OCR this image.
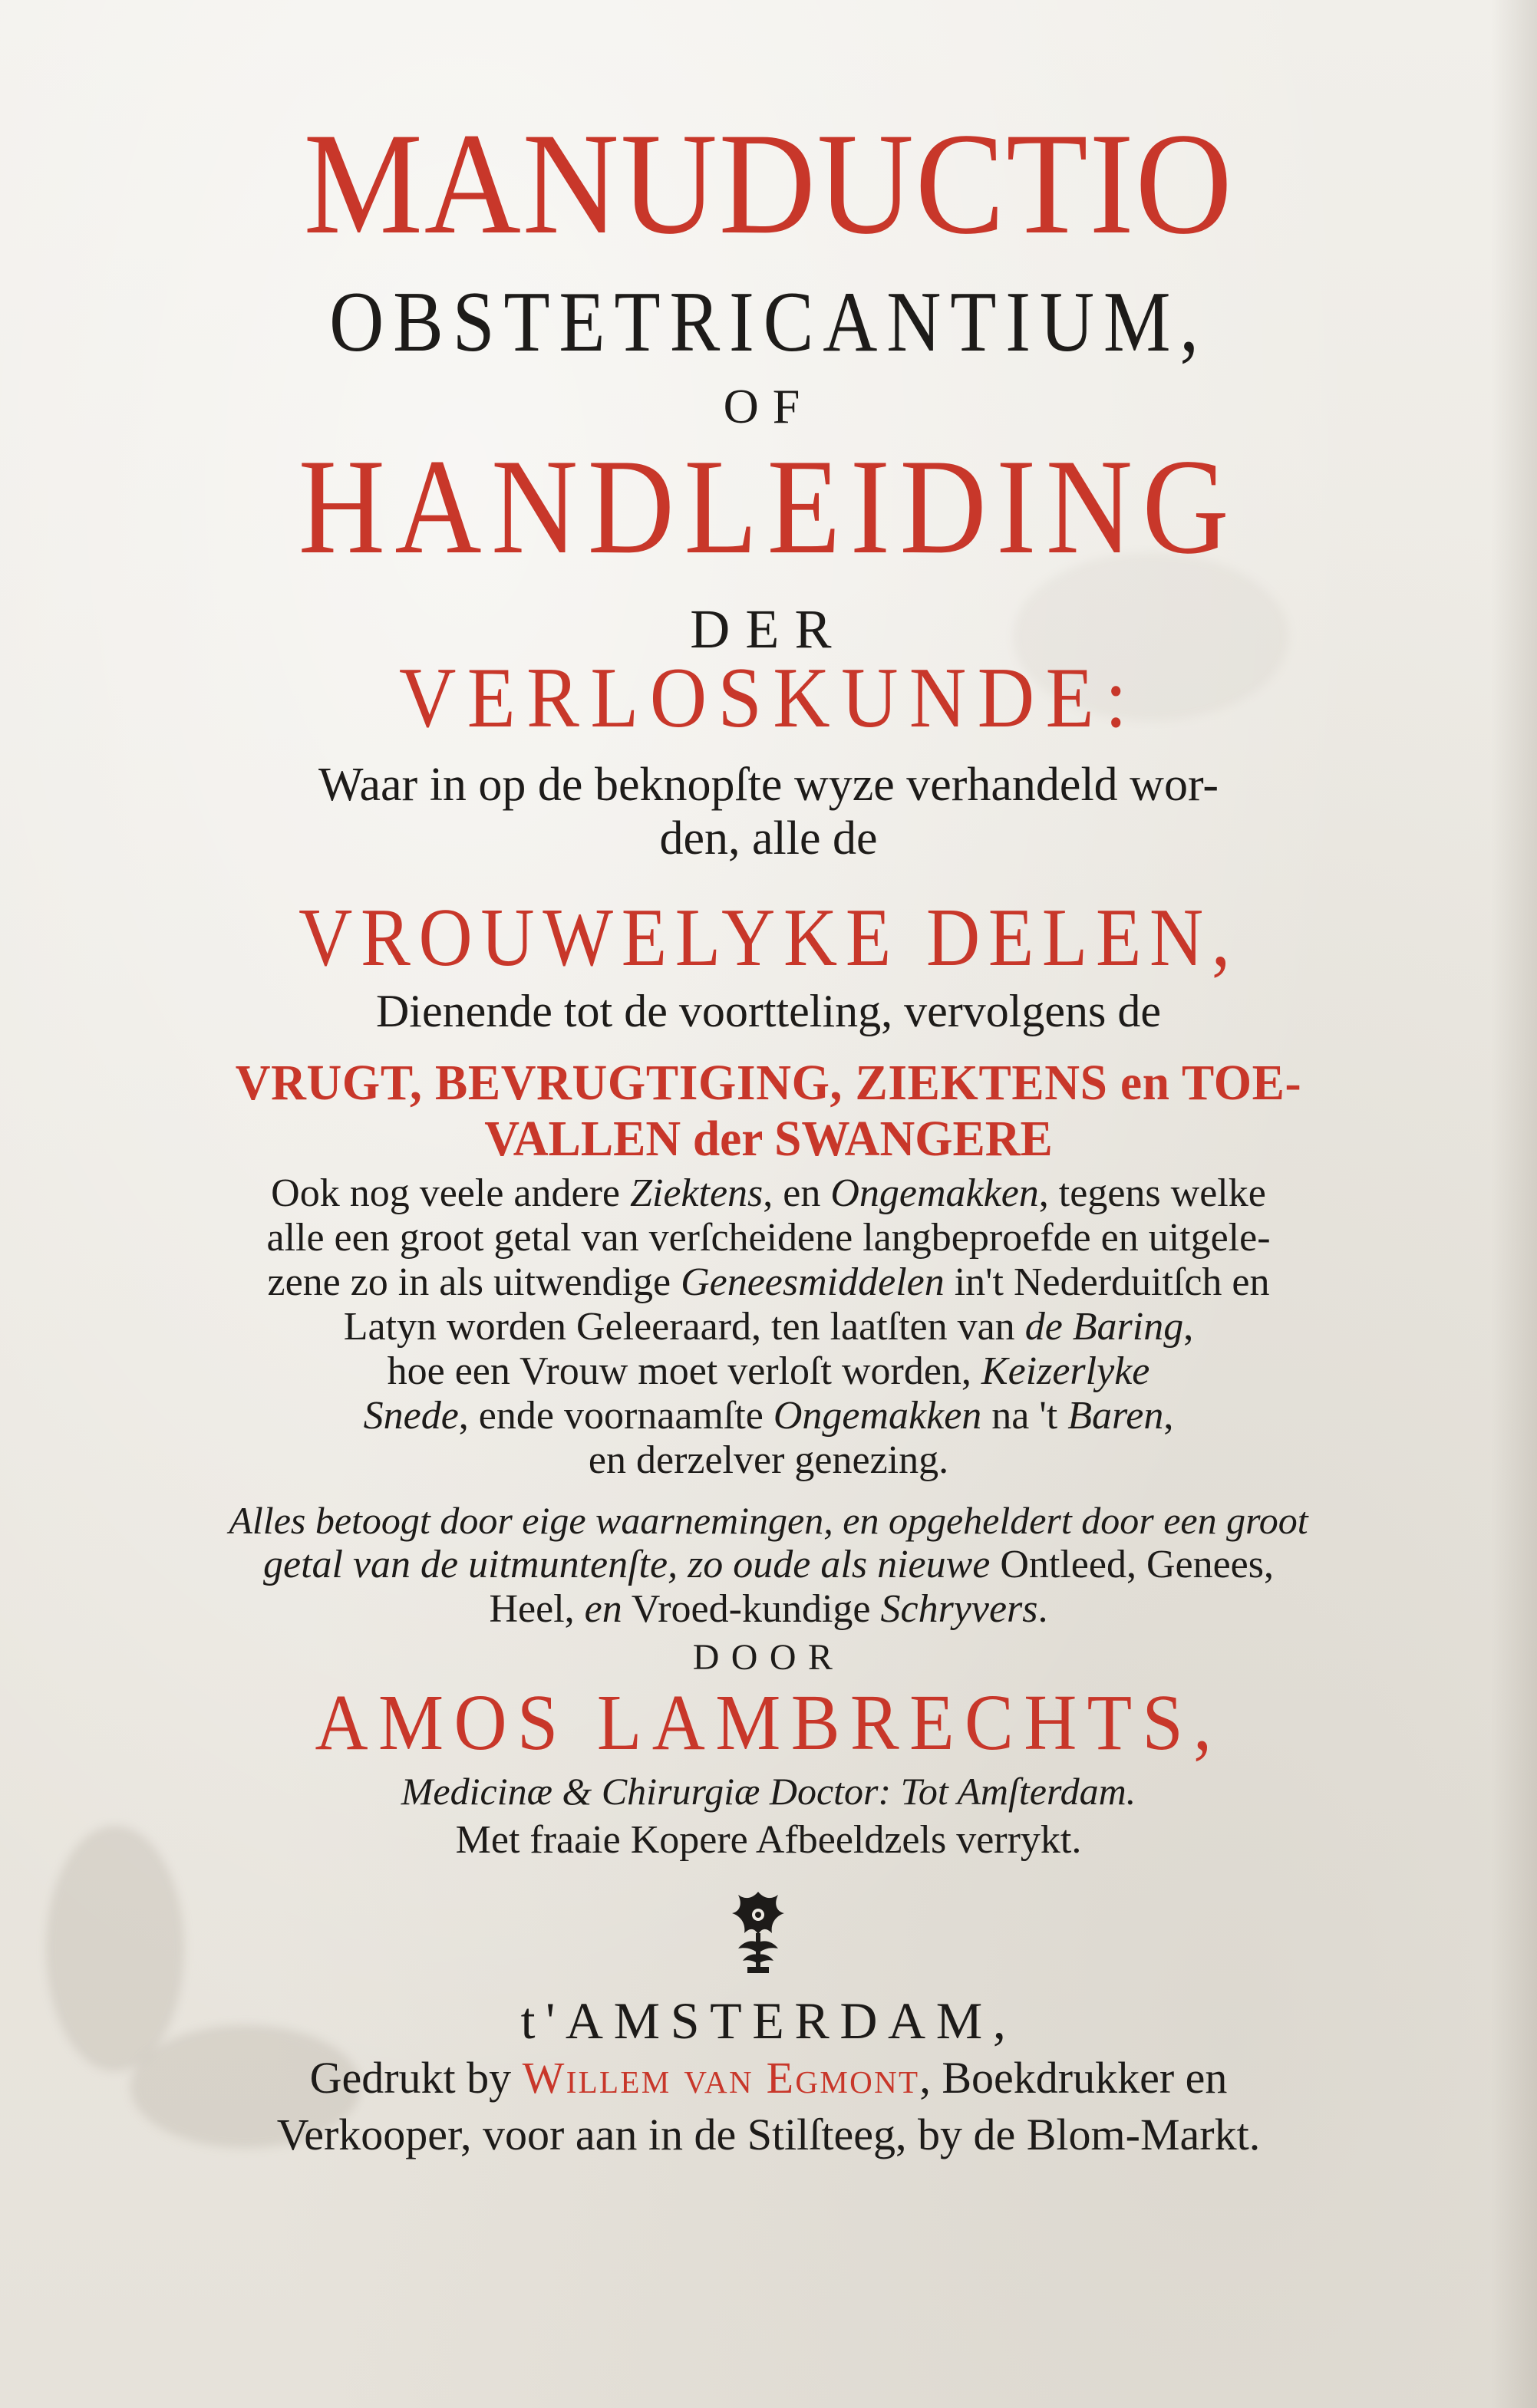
MANUDUCTIO

OBSTETRICANTIUM,

OF

HANDLEIDING

DER

VERLOSKUNDE:

Waar in op de beknopſte wyze verhandeld wor-

den, alle de

VROUWELYKE DELEN,

Dienende tot de voortteling, vervolgens de

VRUGT, BEVRUGTIGING, ZIEKTENS en TOE-

VALLEN der SWANGERE

Ook nog veele andere Ziektens, en Ongemakken, tegens welke

alle een groot getal van verſcheidene langbeproefde en uitgele-

zene zo in als uitwendige Geneesmiddelen in't Nederduitſch en

Latyn worden Geleeraard, ten laatſten van de Baring,

hoe een Vrouw moet verloſt worden, Keizerlyke

Snede, ende voornaamſte Ongemakken na 't Baren,

en derzelver genezing.

Alles betoogt door eige waarnemingen, en opgeheldert door een groot

getal van de uitmuntenſte, zo oude als nieuwe Ontleed, Genees,

Heel, en Vroed-kundige Schryvers.

DOOR

AMOS LAMBRECHTS,

Medicinæ & Chirurgiæ Doctor: Tot Amſterdam.

Met fraaie Kopere Afbeeldzels verrykt.

t'AMSTERDAM,

Gedrukt by Willem van Egmont, Boekdrukker en

Verkooper, voor aan in de Stilſteeg, by de Blom-Markt.
